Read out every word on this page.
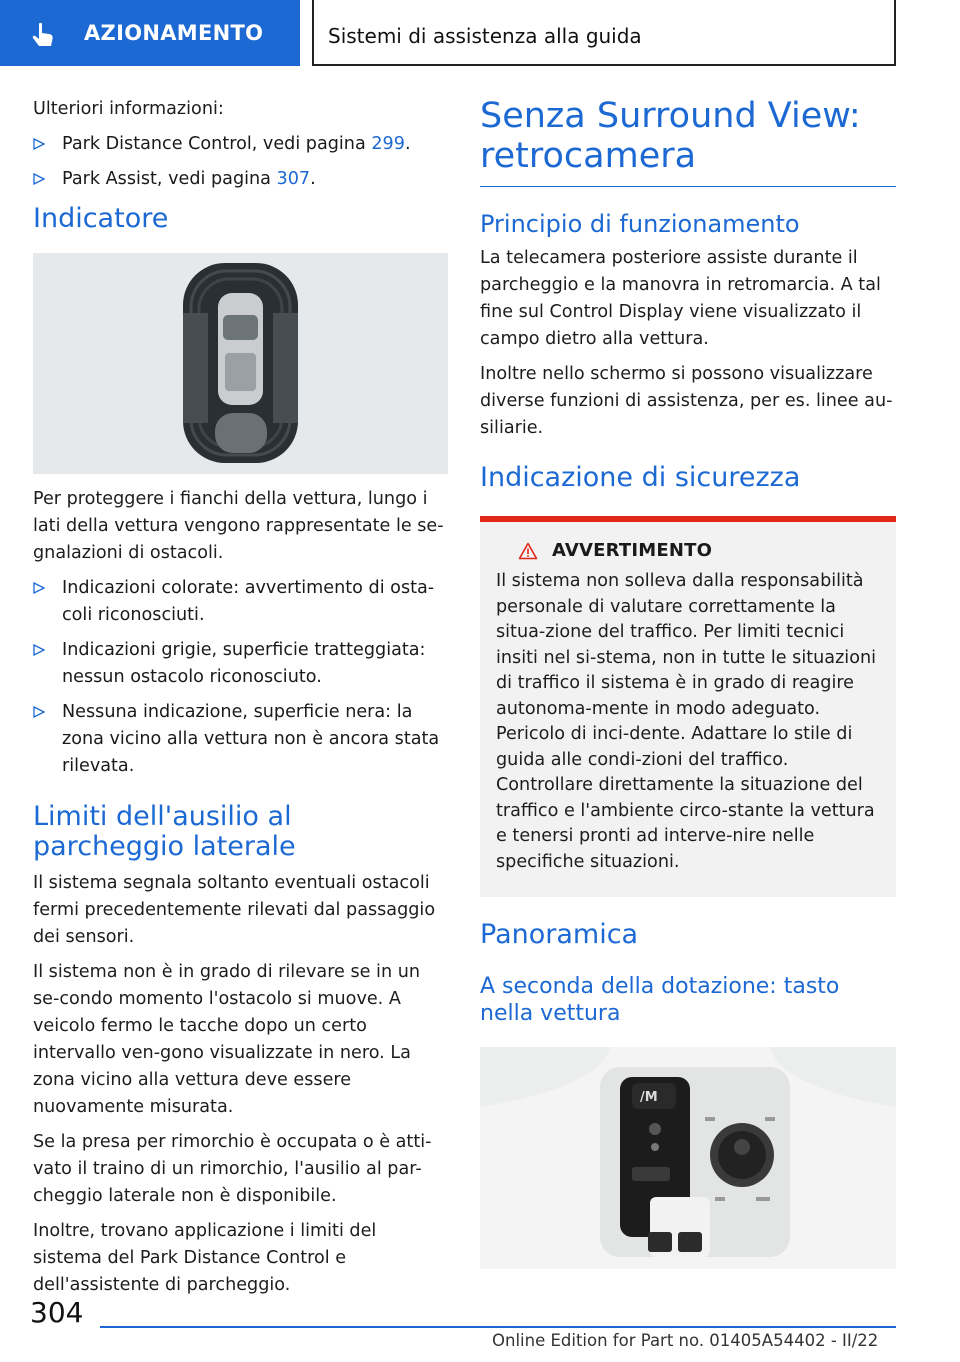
AZIONAMENTO	Sistemi di assistenza alla guida

Ulteriori informazioni:

Park Distance Control, vedi pagina 299.
Park Assist, vedi pagina 307.
Indicatore

Per proteggere i fianchi della vettura, lungo i lati della vettura vengono rappresentate le se-gnalazioni di ostacoli.

Indicazioni colorate: avvertimento di osta-coli riconosciuti.
Indicazioni grigie, superficie tratteggiata: nessun ostacolo riconosciuto.
Nessuna indicazione, superficie nera: la zona vicino alla vettura non è ancora stata rilevata.
Limiti dell'ausilio al parcheggio laterale

Il sistema segnala soltanto eventuali ostacoli fermi precedentemente rilevati dal passaggio dei sensori.

Il sistema non è in grado di rilevare se in un se-condo momento l'ostacolo si muove. A veicolo fermo le tacche dopo un certo intervallo ven-gono visualizzate in nero. La zona vicino alla vettura deve essere nuovamente misurata.

Se la presa per rimorchio è occupata o è atti-vato il traino di un rimorchio, l'ausilio al par-cheggio laterale non è disponibile.

Inoltre, trovano applicazione i limiti del sistema del Park Distance Control e dell'assistente di parcheggio.

Senza Surround View: retrocamera
Principio di funzionamento

La telecamera posteriore assiste durante il parcheggio e la manovra in retromarcia. A tal fine sul Control Display viene visualizzato il campo dietro alla vettura.

Inoltre nello schermo si possono visualizzare diverse funzioni di assistenza, per es. linee au-siliarie.

Indicazione di sicurezza
AVVERTIMENTO

Il sistema non solleva dalla responsabilità personale di valutare correttamente la situa-zione del traffico. Per limiti tecnici insiti nel si-stema, non in tutte le situazioni di traffico il sistema è in grado di reagire autonoma-mente in modo adeguato. Pericolo di inci-dente. Adattare lo stile di guida alle condi-zioni del traffico. Controllare direttamente la situazione del traffico e l'ambiente circo-stante la vettura e tenersi pronti ad interve-nire nelle specifiche situazioni.

Panoramica
A seconda della dotazione: tasto nella vettura
/M
304
Online Edition for Part no. 01405A54402 - II/22
